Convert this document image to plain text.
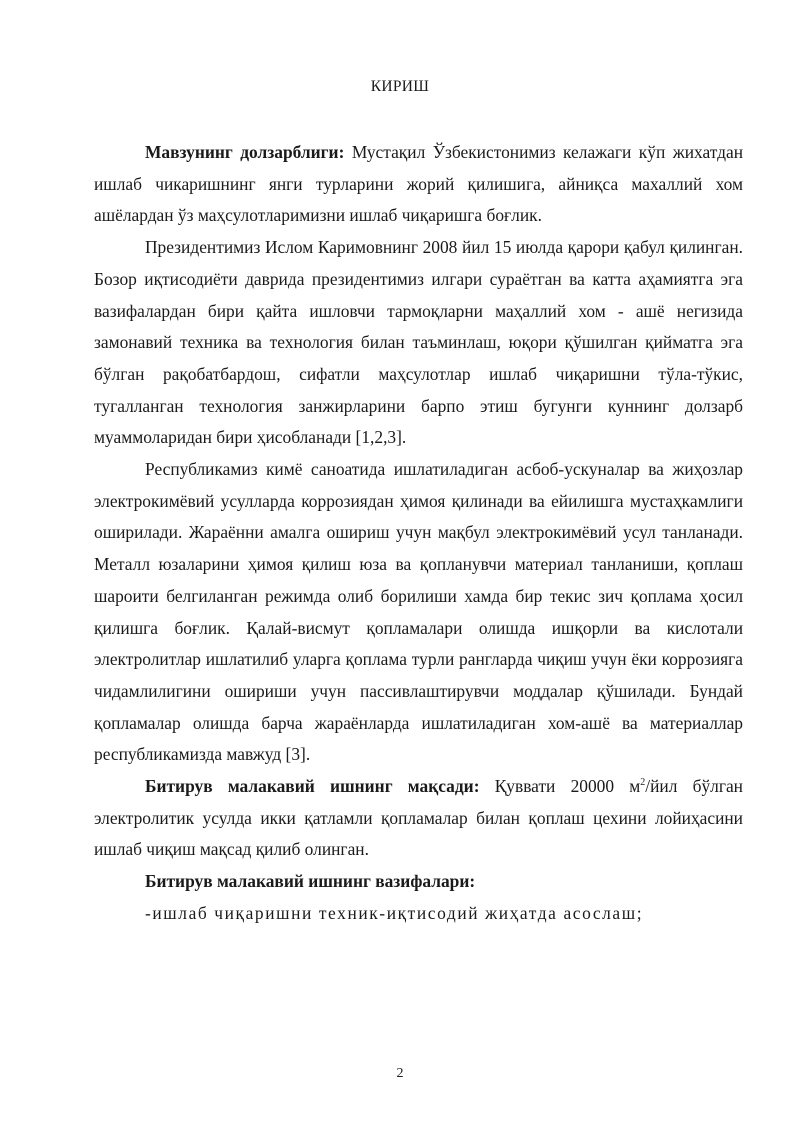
КИРИШ

Мавзунинг долзарблиги: Мустақил Ўзбекистонимиз келажаги кўп жихатдан ишлаб чикаришнинг янги турларини жорий қилишига, айниқса махаллий хом ашёлардан ўз маҳсулотларимизни ишлаб чиқаришга боғлик.

Президентимиз Ислом Каримовнинг 2008 йил 15 июлда қарори қабул қилинган. Бозор иқтисодиёти даврида президентимиз илгари сураётган ва катта аҳамиятга эга вазифалардан бири қайта ишловчи тармоқларни маҳаллий хом - ашё негизида замонавий техника ва технология билан таъминлаш, юқори қўшилган қийматга эга бўлган рақобатбардош, сифатли маҳсулотлар ишлаб чиқаришни тўла-тўкис, тугалланган технология занжирларини барпо этиш бугунги куннинг долзарб муаммоларидан бири ҳисобланади [1,2,3].

Республикамиз кимё саноатида ишлатиладиган асбоб-ускуналар ва жиҳозлар электрокимёвий усулларда коррозиядан ҳимоя қилинади ва ейилишга мустаҳкамлиги оширилади. Жараённи амалга ошириш учун мақбул электрокимёвий усул танланади. Металл юзаларини ҳимоя қилиш юза ва қопланувчи материал танланиши, қоплаш шароити белгиланган режимда олиб борилиши хамда бир текис зич қоплама ҳосил қилишга боғлик. Қалай-висмут қопламалари олишда ишқорли ва кислотали электролитлар ишлатилиб уларга қоплама турли рангларда чиқиш учун ёки коррозияга чидамлилигини ошириши учун пассивлаштирувчи моддалар қўшилади. Бундай қопламалар олишда барча жараёнларда ишлатиладиган хом-ашё ва материаллар республикамизда мавжуд [3].

Битирув малакавий ишнинг мақсади: Қуввати 20000 $м^2$/йил бўлган электролитик усулда икки қатламли қопламалар билан қоплаш цехини лойиҳасини ишлаб чиқиш мақсад қилиб олинган.

Битирув малакавий ишнинг вазифалари:

-ишлаб чиқаришни техник-иқтисодий жиҳатда асослаш;

2
